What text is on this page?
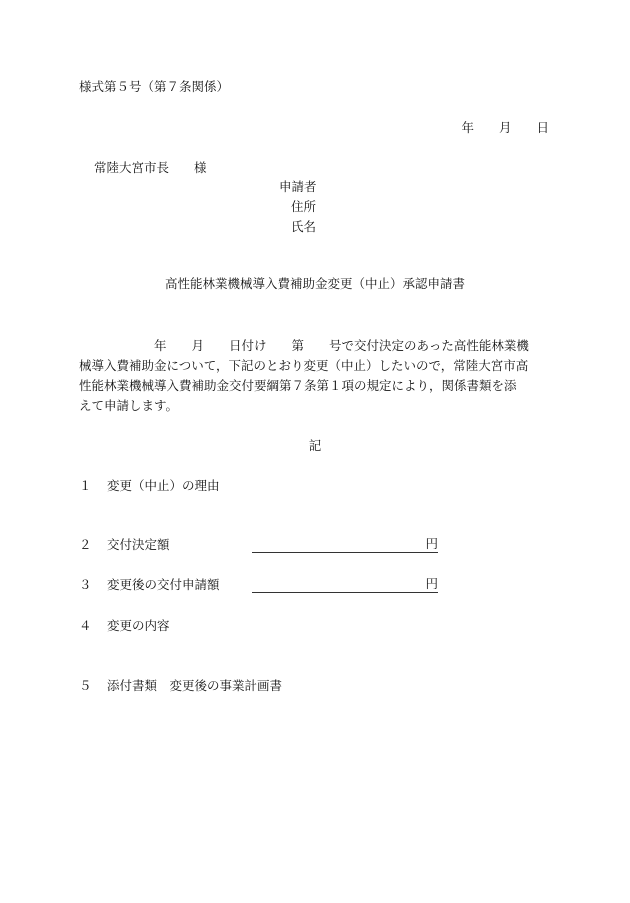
様式第５号（第７条関係）
年　　月　　日
常陸大宮市長　　様
申請者
住所
氏名
高性能林業機械導入費補助金変更（中止）承認申請書
　　　　　　年　　月　　日付け　　第　　号で交付決定のあった高性能林業機
械導入費補助金について，下記のとおり変更（中止）したいので，常陸大宮市高
性能林業機械導入費補助金交付要綱第７条第１項の規定により，関係書類を添
えて申請します。
記
１ 変更（中止）の理由
２ 交付決定額	円
３ 変更後の交付申請額	円
４ 変更の内容
５ 添付書類　変更後の事業計画書
